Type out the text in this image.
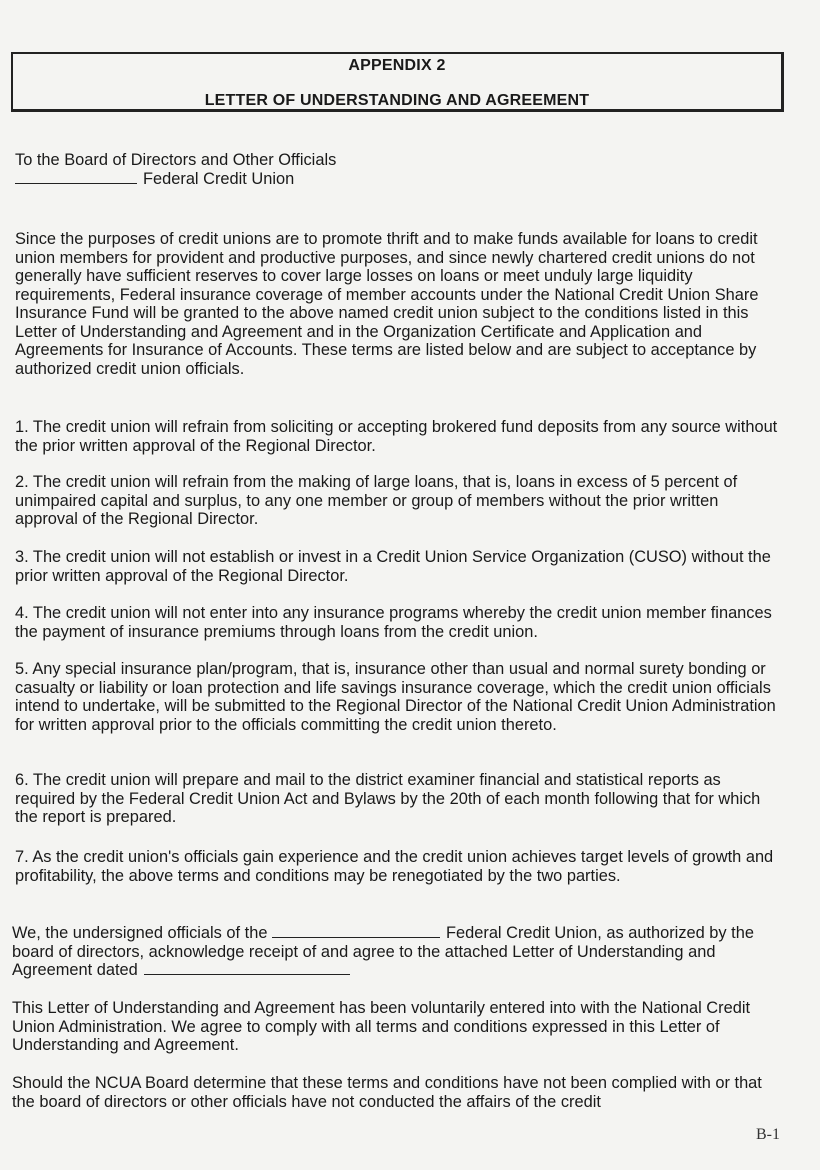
APPENDIX 2
LETTER OF UNDERSTANDING AND AGREEMENT
To the Board of Directors and Other Officials
Federal Credit Union

Since the purposes of credit unions are to promote thrift and to make funds available for loans to credit union members for provident and productive purposes, and since newly chartered credit unions do not generally have sufficient reserves to cover large losses on loans or meet unduly large liquidity requirements, Federal insurance coverage of member accounts under the National Credit Union Share Insurance Fund will be granted to the above named credit union subject to the conditions listed in this Letter of Understanding and Agreement and in the Organization Certificate and Application and Agreements for Insurance of Accounts. These terms are listed below and are subject to acceptance by authorized credit union officials.

1. The credit union will refrain from soliciting or accepting brokered fund deposits from any source without the prior written approval of the Regional Director.

2. The credit union will refrain from the making of large loans, that is, loans in excess of 5 percent of unimpaired capital and surplus, to any one member or group of members without the prior written approval of the Regional Director.

3. The credit union will not establish or invest in a Credit Union Service Organization (CUSO) without the prior written approval of the Regional Director.

4. The credit union will not enter into any insurance programs whereby the credit union member finances the payment of insurance premiums through loans from the credit union.

5. Any special insurance plan/program, that is, insurance other than usual and normal surety bonding or casualty or liability or loan protection and life savings insurance coverage, which the credit union officials intend to undertake, will be submitted to the Regional Director of the National Credit Union Administration for written approval prior to the officials committing the credit union thereto.

6. The credit union will prepare and mail to the district examiner financial and statistical reports as required by the Federal Credit Union Act and Bylaws by the 20th of each month following that for which the report is prepared.

7. As the credit union's officials gain experience and the credit union achieves target levels of growth and profitability, the above terms and conditions may be renegotiated by the two parties.

We, the undersigned officials of the	Federal Credit Union, as authorized by the board of directors, acknowledge receipt of and agree to the attached Letter of Understanding and Agreement dated

This Letter of Understanding and Agreement has been voluntarily entered into with the National Credit Union Administration. We agree to comply with all terms and conditions expressed in this Letter of Understanding and Agreement.

Should the NCUA Board determine that these terms and conditions have not been complied with or that the board of directors or other officials have not conducted the affairs of the credit

B-1
